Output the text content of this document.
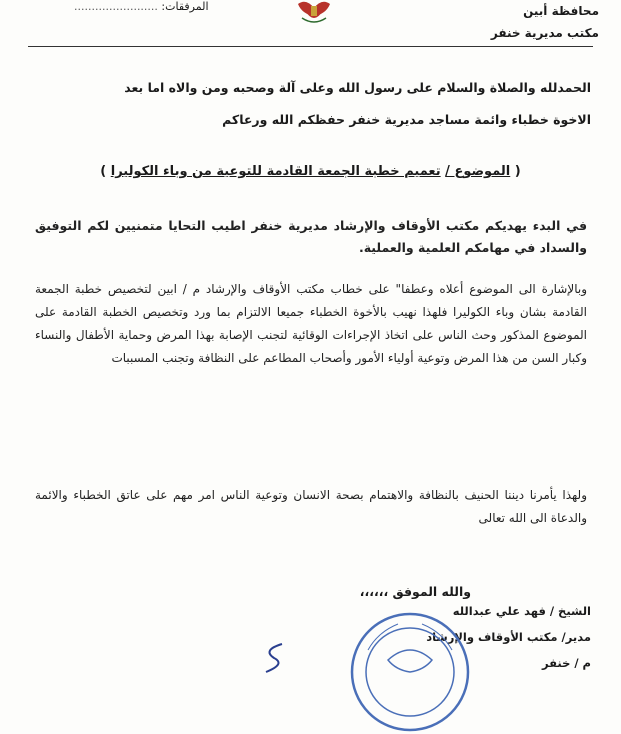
محافظة أبين
مكتب مديرية خنفر
المرفقات: ........................
الحمدلله والصلاة والسلام على رسول الله وعلى آلة وصحبه ومن والاه اما بعد
الاخوة خطباء وائمة مساجد مديرية خنفر حفظكم الله ورعاكم
( الموضوع / تعميم خطبة الجمعة القادمة للتوعية من وباء الكوليرا )
في البدء يهديكم مكتب الأوقاف والإرشاد مديرية خنفر اطيب التحايا متمنيين لكم التوفيق والسداد في مهامكم العلمية والعملية.
وبالإشارة الى الموضوع أعلاه وعطفا" على خطاب مكتب الأوقاف والإرشاد م / ابين لتخصيص خطبة الجمعة القادمة بشان وباء الكوليرا فلهذا نهيب بالأخوة الخطباء جميعا الالتزام بما ورد وتخصيص الخطبة القادمة على الموضوع المذكور وحث الناس على اتخاذ الإجراءات الوقائية لتجنب الإصابة بهذا المرض وحماية الأطفال والنساء وكبار السن من هذا المرض وتوعية أولياء الأمور وأصحاب المطاعم على النظافة وتجنب المسببات
ولهذا يأمرنا ديننا الحنيف بالنظافة والاهتمام بصحة الانسان وتوعية الناس امر مهم على عاتق الخطباء والائمة والدعاة الى الله تعالى
والله الموفق ،،،،،،
الشيخ / فهد علي عبدالله
مدير/ مكتب الأوقاف والإرشاد
م / خنفر
